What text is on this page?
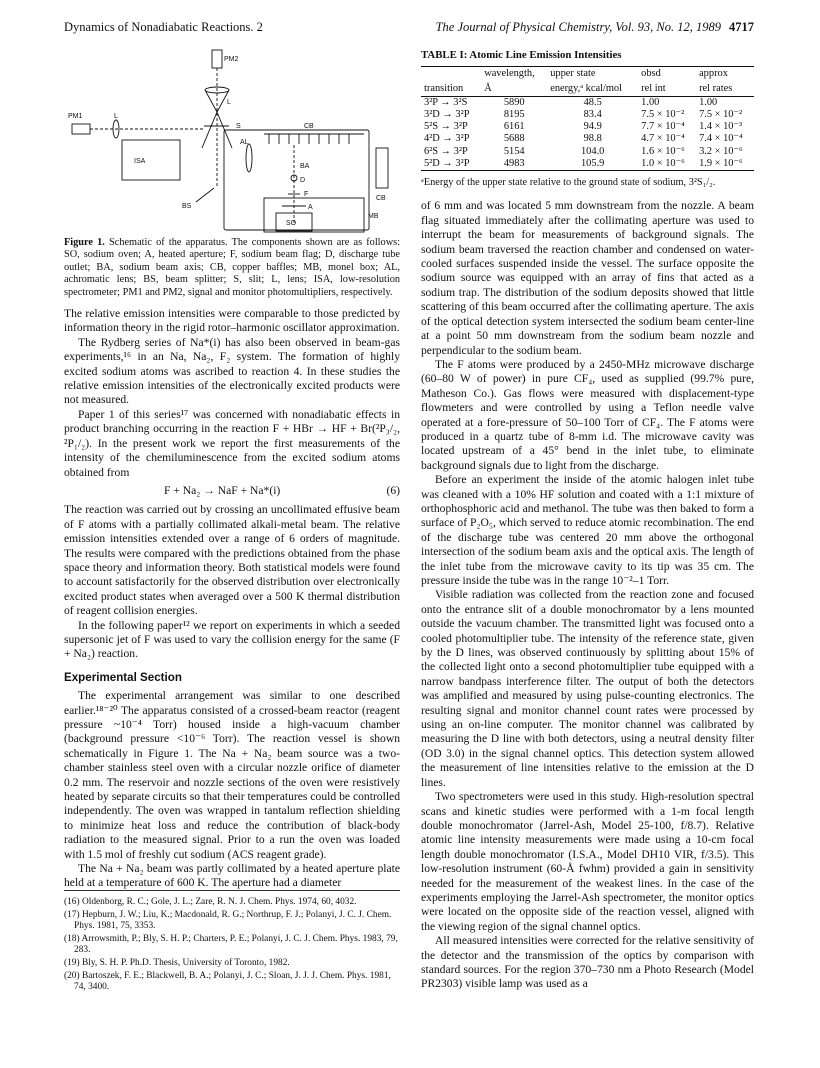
Dynamics of Nonadiabatic Reactions. 2	The Journal of Physical Chemistry, Vol. 93, No. 12, 1989 4717
PM2
L
PM1	L
S
ISA
CB
CB
AL
BA
D
BS
F
A
SO
MB
Figure 1. Schematic of the apparatus. The components shown are as follows: SO, sodium oven; A, heated aperture; F, sodium beam flag; D, discharge tube outlet; BA, sodium beam axis; CB, copper baffles; MB, monel box; AL, achromatic lens; BS, beam splitter; S, slit; L, lens; ISA, low-resolution spectrometer; PM1 and PM2, signal and monitor photomultipliers, respectively.

The relative emission intensities were comparable to those predicted by information theory in the rigid rotor–harmonic oscillator approximation.

The Rydberg series of Na*(i) has also been observed in beam-gas experiments,¹⁶ in an Na, Na₂, F₂ system. The formation of highly excited sodium atoms was ascribed to reaction 4. In these studies the relative emission intensities of the electronically excited products were not measured.

Paper 1 of this series¹⁷ was concerned with nonadiabatic effects in product branching occurring in the reaction F + HBr → HF + Br(²P₃/₂, ²P₁/₂). In the present work we report the first measurements of the intensity of the chemiluminescence from the excited sodium atoms obtained from

F + Na₂ → NaF + Na*(i)	(6)

The reaction was carried out by crossing an uncollimated effusive beam of F atoms with a partially collimated alkali-metal beam. The relative emission intensities extended over a range of 6 orders of magnitude. The results were compared with the predictions obtained from the phase space theory and information theory. Both statistical models were found to account satisfactorily for the observed distribution over electronically excited product states when averaged over a 500 K thermal distribution of reagent collision energies.

In the following paper¹² we report on experiments in which a seeded supersonic jet of F was used to vary the collision energy for the same (F + Na₂) reaction.

Experimental Section

The experimental arrangement was similar to one described earlier.¹⁸⁻²⁰ The apparatus consisted of a crossed-beam reactor (reagent pressure ~10⁻⁴ Torr) housed inside a high-vacuum chamber (background pressure <10⁻⁶ Torr). The reaction vessel is shown schematically in Figure 1. The Na + Na₂ beam source was a two-chamber stainless steel oven with a circular nozzle orifice of diameter 0.2 mm. The reservoir and nozzle sections of the oven were resistively heated by separate circuits so that their temperatures could be controlled independently. The oven was wrapped in tantalum reflection shielding to minimize heat loss and reduce the contribution of black-body radiation to the measured signal. Prior to a run the oven was loaded with 1.5 mol of freshly cut sodium (ACS reagent grade).

The Na + Na₂ beam was partly collimated by a heated aperture plate held at a temperature of 600 K. The aperture had a diameter

(16) Oldenborg, R. C.; Gole, J. L.; Zare, R. N. J. Chem. Phys. 1974, 60, 4032.
(17) Hepburn, J. W.; Liu, K.; Macdonald, R. G.; Northrup, F. J.; Polanyi, J. C. J. Chem. Phys. 1981, 75, 3353.
(18) Arrowsmith, P.; Bly, S. H. P.; Charters, P. E.; Polanyi, J. C. J. Chem. Phys. 1983, 79, 283.
(19) Bly, S. H. P. Ph.D. Thesis, University of Toronto, 1982.
(20) Bartoszek, F. E.; Blackwell, B. A.; Polanyi, J. C.; Sloan, J. J. J. Chem. Phys. 1981, 74, 3400.
TABLE I: Atomic Line Emission Intensities
	wavelength,	upper state	obsd	approx
transition	Å	energy,ᵃ kcal/mol	rel int	rel rates
3²P → 3²S	5890	48.5	1.00	1.00
3²D → 3²P	8195	83.4	7.5 × 10⁻²	7.5 × 10⁻²
5²S → 3²P	6161	94.9	7.7 × 10⁻⁴	1.4 × 10⁻³
4²D → 3²P	5688	98.8	4.7 × 10⁻⁴	7.4 × 10⁻⁴
6²S → 3²P	5154	104.0	1.6 × 10⁻⁶	3.2 × 10⁻⁶
5²D → 3²P	4983	105.9	1.0 × 10⁻⁶	1.9 × 10⁻⁶
ᵃEnergy of the upper state relative to the ground state of sodium, 3²S₁/₂.

of 6 mm and was located 5 mm downstream from the nozzle. A beam flag situated immediately after the collimating aperture was used to interrupt the beam for measurements of background signals. The sodium beam traversed the reaction chamber and condensed on water-cooled surfaces suspended inside the vessel. The surface opposite the sodium source was equipped with an array of fins that acted as a sodium trap. The distribution of the sodium deposits showed that little scattering of this beam occurred after the collimating aperture. The axis of the optical detection system intersected the sodium beam center-line at a point 50 mm downstream from the sodium beam nozzle and perpendicular to the sodium beam.

The F atoms were produced by a 2450-MHz microwave discharge (60–80 W of power) in pure CF₄, used as supplied (99.7% pure, Matheson Co.). Gas flows were measured with displacement-type flowmeters and were controlled by using a Teflon needle valve operated at a fore-pressure of 50–100 Torr of CF₄. The F atoms were produced in a quartz tube of 8-mm i.d. The microwave cavity was located upstream of a 45° bend in the inlet tube, to eliminate background signals due to light from the discharge.

Before an experiment the inside of the atomic halogen inlet tube was cleaned with a 10% HF solution and coated with a 1:1 mixture of orthophosphoric acid and methanol. The tube was then baked to form a surface of P₂O₅, which served to reduce atomic recombination. The end of the discharge tube was centered 20 mm above the orthogonal intersection of the sodium beam axis and the optical axis. The length of the inlet tube from the microwave cavity to its tip was 35 cm. The pressure inside the tube was in the range 10⁻²–1 Torr.

Visible radiation was collected from the reaction zone and focused onto the entrance slit of a double monochromator by a lens mounted outside the vacuum chamber. The transmitted light was focused onto a cooled photomultiplier tube. The intensity of the reference state, given by the D lines, was observed continuously by splitting about 15% of the collected light onto a second photomultiplier tube equipped with a narrow bandpass interference filter. The output of both the detectors was amplified and measured by using pulse-counting electronics. The resulting signal and monitor channel count rates were processed by using an on-line computer. The monitor channel was calibrated by measuring the D line with both detectors, using a neutral density filter (OD 3.0) in the signal channel optics. This detection system allowed the measurement of line intensities relative to the emission at the D lines.

Two spectrometers were used in this study. High-resolution spectral scans and kinetic studies were performed with a 1-m focal length double monochromator (Jarrel-Ash, Model 25-100, f/8.7). Relative atomic line intensity measurements were made using a 10-cm focal length double monochromator (I.S.A., Model DH10 VIR, f/3.5). This low-resolution instrument (60-Å fwhm) provided a gain in sensitivity needed for the measurement of the weakest lines. In the case of the experiments employing the Jarrel-Ash spectrometer, the monitor optics were located on the opposite side of the reaction vessel, aligned with the viewing region of the signal channel optics.

All measured intensities were corrected for the relative sensitivity of the detector and the transmission of the optics by comparison with standard sources. For the region 370–730 nm a Photo Research (Model PR2303) visible lamp was used as a
